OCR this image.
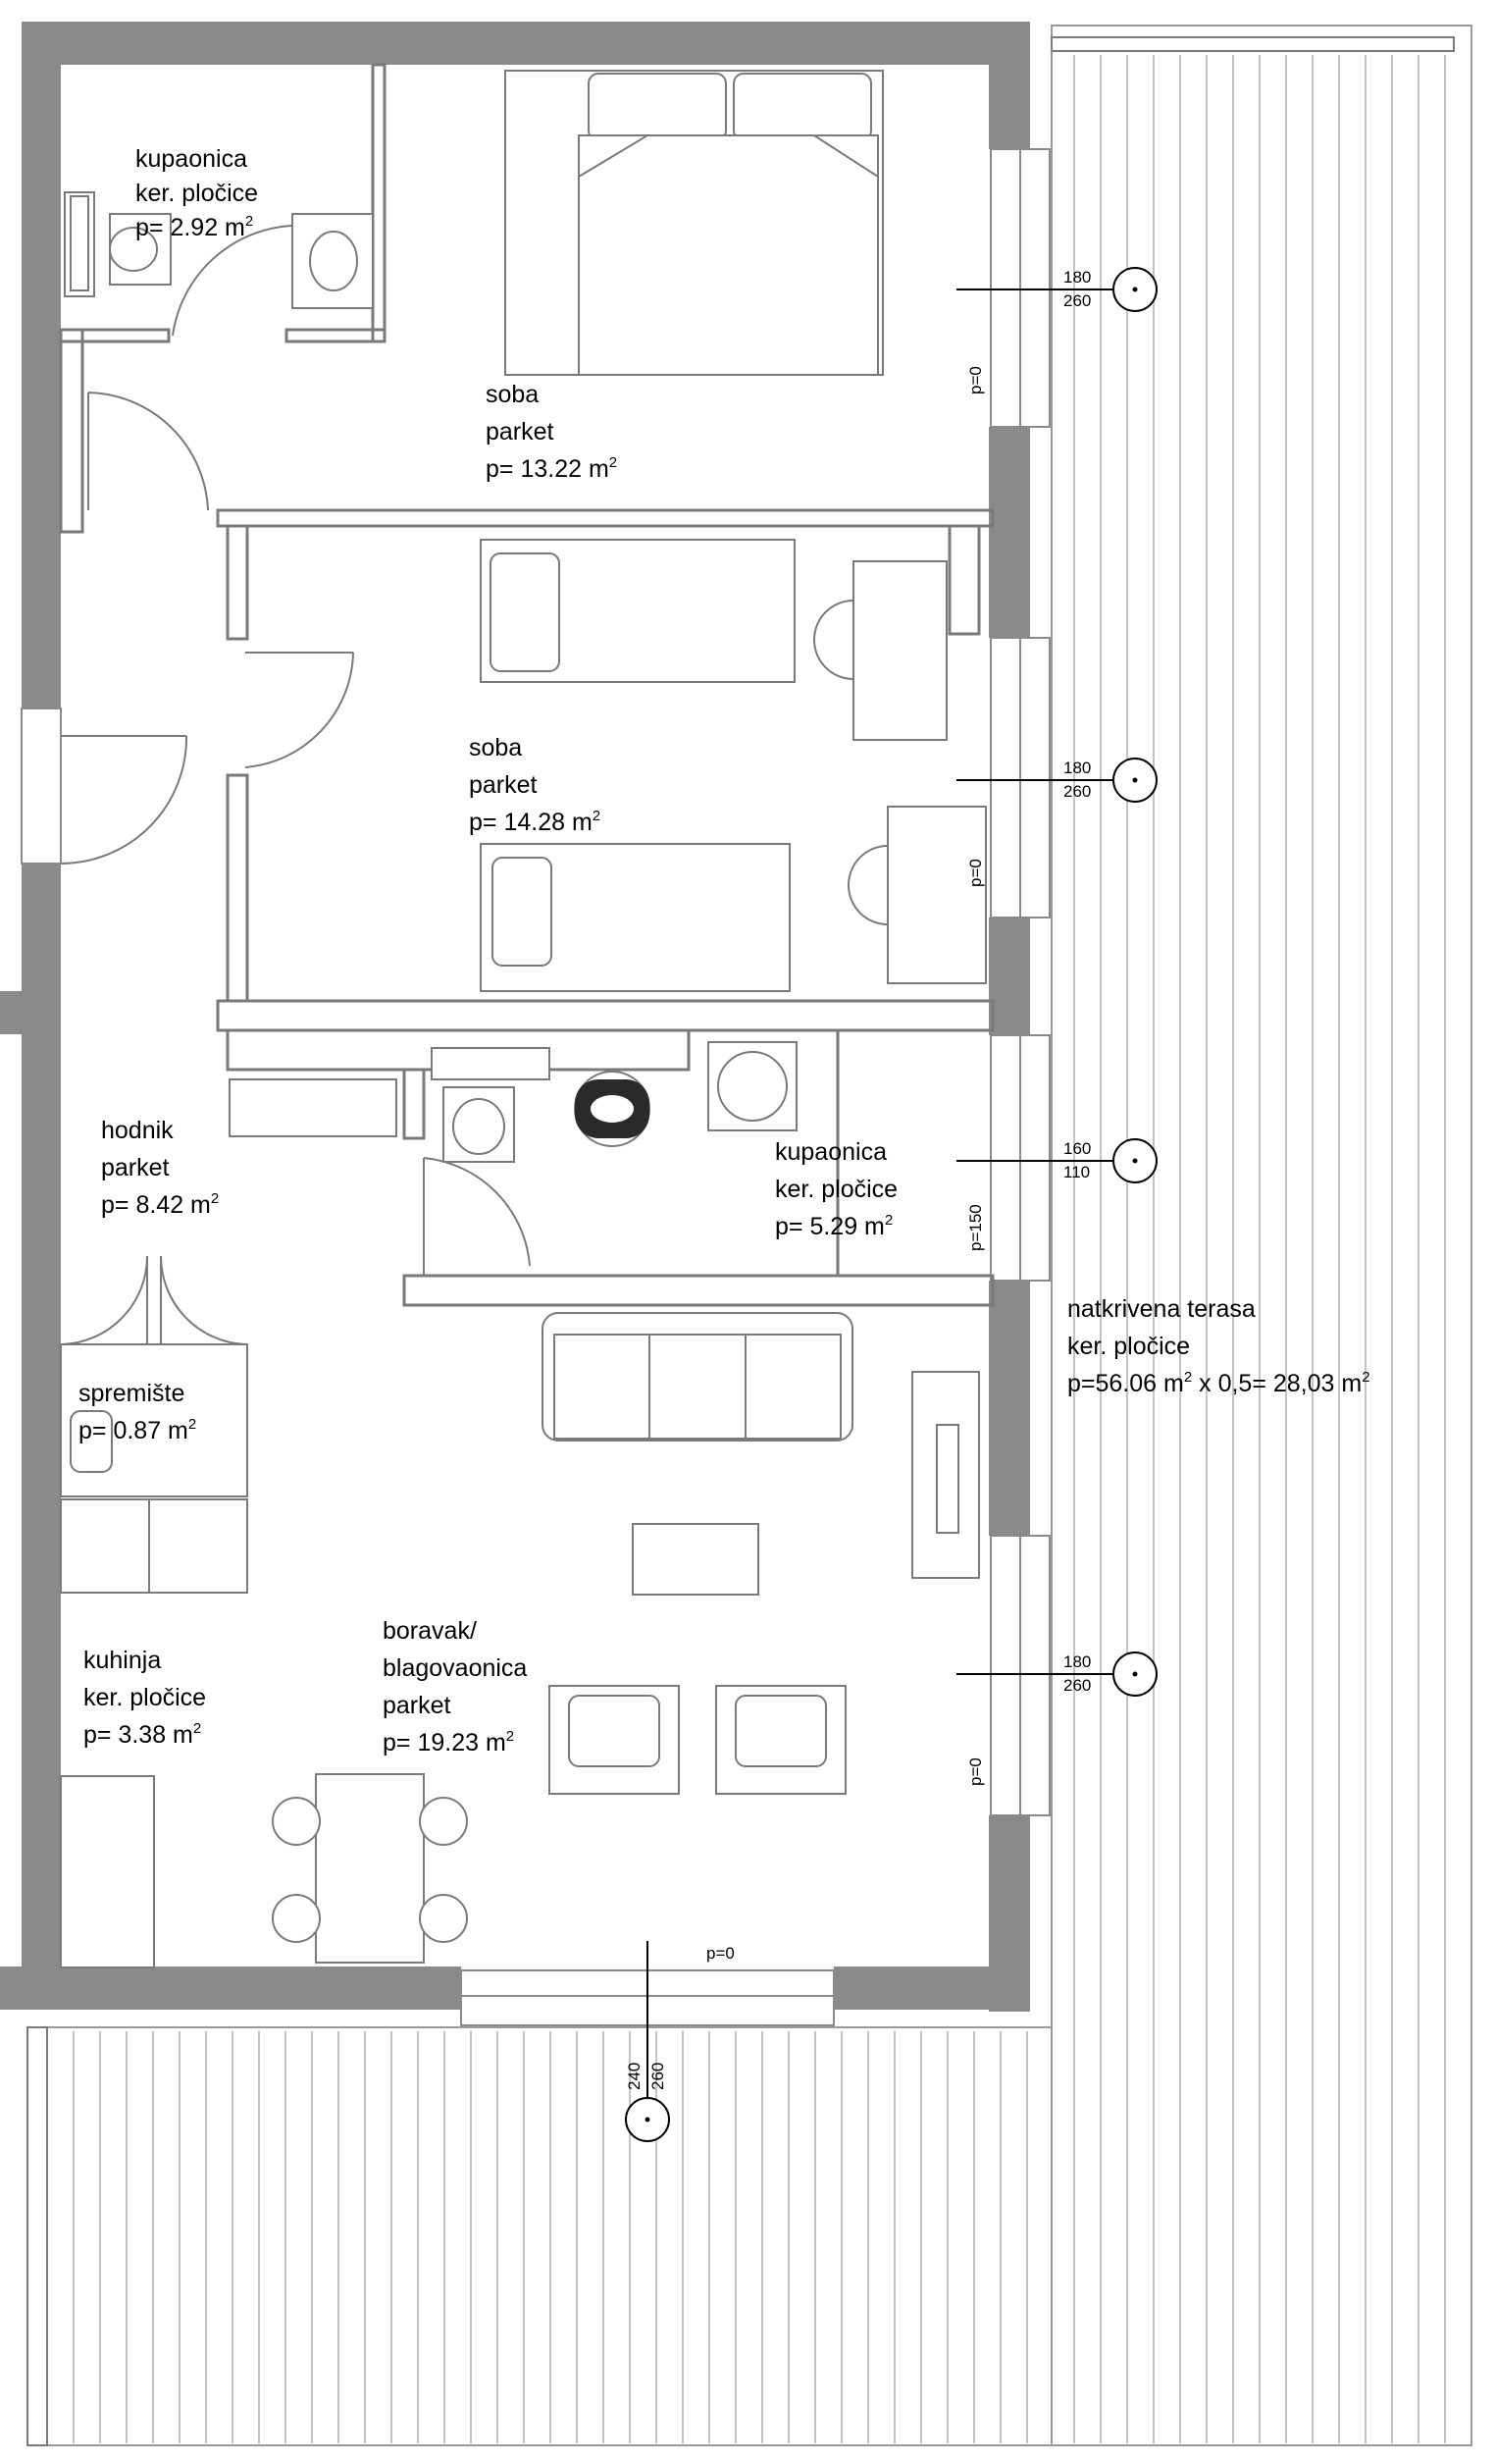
kupaonica
ker. pločice
p= 2.92 $m^2$
soba
parket
p= 13.22 $m^2$
soba
parket
p= 14.28 $m^2$
hodnik
parket
p= 8.42 $m^2$
kupaonica
ker. pločice
p= 5.29 $m^2$
spremište
p= 0.87 $m^2$
kuhinja
ker. pločice
p= 3.38 $m^2$
boravak/
blagovaonica
parket
p= 19.23 $m^2$
natkrivena terasa
ker. pločice
p=56.06 $m^2$ x 0,5= 28,03 $m^2$
180
260
p=0
180
260
p=0
160
110
p=150
180
260
p=0
240 260
p=0
